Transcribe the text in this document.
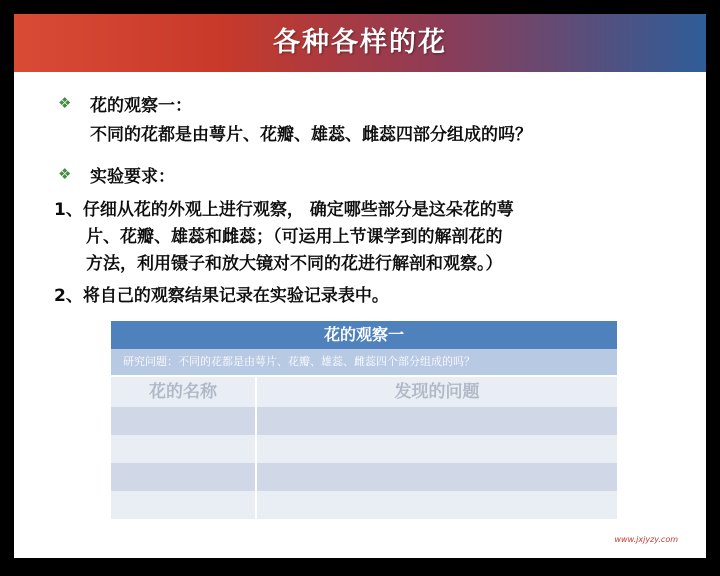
各种各样的花
❖ 花的观察一：
不同的花都是由萼片、花瓣、雄蕊、雌蕊四部分组成的吗？
❖ 实验要求：
1、仔细从花的外观上进行观察， 确定哪些部分是这朵花的萼
片、花瓣、雄蕊和雌蕊；（可运用上节课学到的解剖花的
方法，利用镊子和放大镜对不同的花进行解剖和观察。）
2、将自己的观察结果记录在实验记录表中。
花的观察一
研究问题：不同的花都是由萼片、花瓣、雄蕊、雌蕊四个部分组成的吗？
花的名称	发现的问题
www.jxjyzy.com
